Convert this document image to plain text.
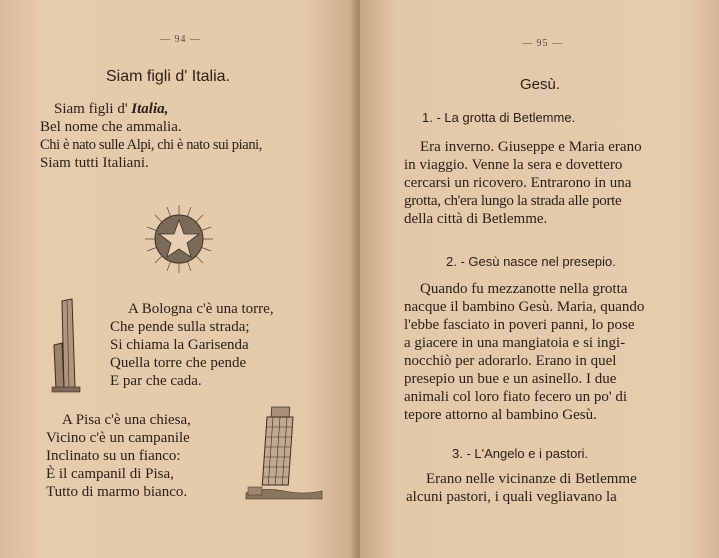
— 94 —
Siam figli d' Italia.
Siam figli d' Italia,
Bel nome che ammalia.
Chi è nato sulle Alpi, chi è nato sui piani,
Siam tutti Italiani.
A Bologna c'è una torre,
Che pende sulla strada;
Si chiama la Garisenda
Quella torre che pende
E par che cada.
A Pisa c'è una chiesa,
Vicino c'è un campanile
Inclinato su un fianco:
È il campanil di Pisa,
Tutto di marmo bianco.
— 95 —
Gesù.
1. - La grotta di Betlemme.
Era inverno. Giuseppe e Maria erano
in viaggio. Venne la sera e dovettero
cercarsi un ricovero. Entrarono in una
grotta, ch'era lungo la strada alle porte
della città di Betlemme.
2. - Gesù nasce nel presepio.
Quando fu mezzanotte nella grotta
nacque il bambino Gesù. Maria, quando
l'ebbe fasciato in poveri panni, lo pose
a giacere in una mangiatoia e si ingi-
nocchiò per adorarlo. Erano in quel
presepio un bue e un asinello. I due
animali col loro fiato fecero un po' di
tepore attorno al bambino Gesù.
3. - L'Angelo e i pastori.
Erano nelle vicinanze di Betlemme
alcuni pastori, i quali vegliavano la
